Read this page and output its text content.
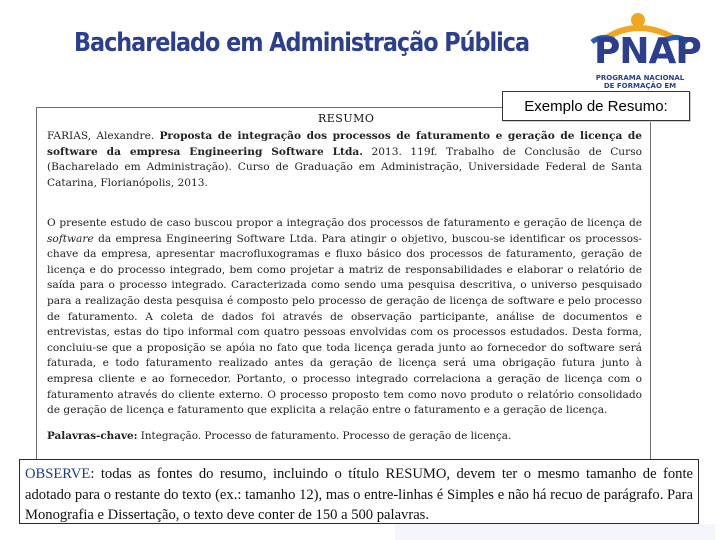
Bacharelado em Administração Pública PNAP
PROGRAMA NACIONAL
DE FORMAÇÃO EM
RESUMO
FARIAS, Alexandre. Proposta de integração dos processos de faturamento e geração de licença de software da empresa Engineering Software Ltda. 2013. 119f. Trabalho de Conclusão de Curso (Bacharelado em Administração). Curso de Graduação em Administração, Universidade Federal de Santa Catarina, Florianópolis, 2013.
O presente estudo de caso buscou propor a integração dos processos de faturamento e geração de licença de software da empresa Engineering Software Ltda. Para atingir o objetivo, buscou-se identificar os processos-chave da empresa, apresentar macrofluxogramas e fluxo básico dos processos de faturamento, geração de licença e do processo integrado, bem como projetar a matriz de responsabilidades e elaborar o relatório de saída para o processo integrado. Caracterizada como sendo uma pesquisa descritiva, o universo pesquisado para a realização desta pesquisa é composto pelo processo de geração de licença de software e pelo processo de faturamento. A coleta de dados foi através de observação participante, análise de documentos e entrevistas, estas do tipo informal com quatro pessoas envolvidas com os processos estudados. Desta forma, concluiu-se que a proposição se apóia no fato que toda licença gerada junto ao fornecedor do software será faturada, e todo faturamento realizado antes da geração de licença será uma obrigação futura junto à empresa cliente e ao fornecedor. Portanto, o processo integrado correlaciona a geração de licença com o faturamento através do cliente externo. O processo proposto tem como novo produto o relatório consolidado de geração de licença e faturamento que explicita a relação entre o faturamento e a geração de licença.
Palavras-chave: Integração. Processo de faturamento. Processo de geração de licença.
Exemplo de Resumo:
OBSERVE: todas as fontes do resumo, incluindo o título RESUMO, devem ter o mesmo tamanho de fonte adotado para o restante do texto (ex.: tamanho 12), mas o entre-linhas é Simples e não há recuo de parágrafo. Para Monografia e Dissertação, o texto deve conter de 150 a 500 palavras.
